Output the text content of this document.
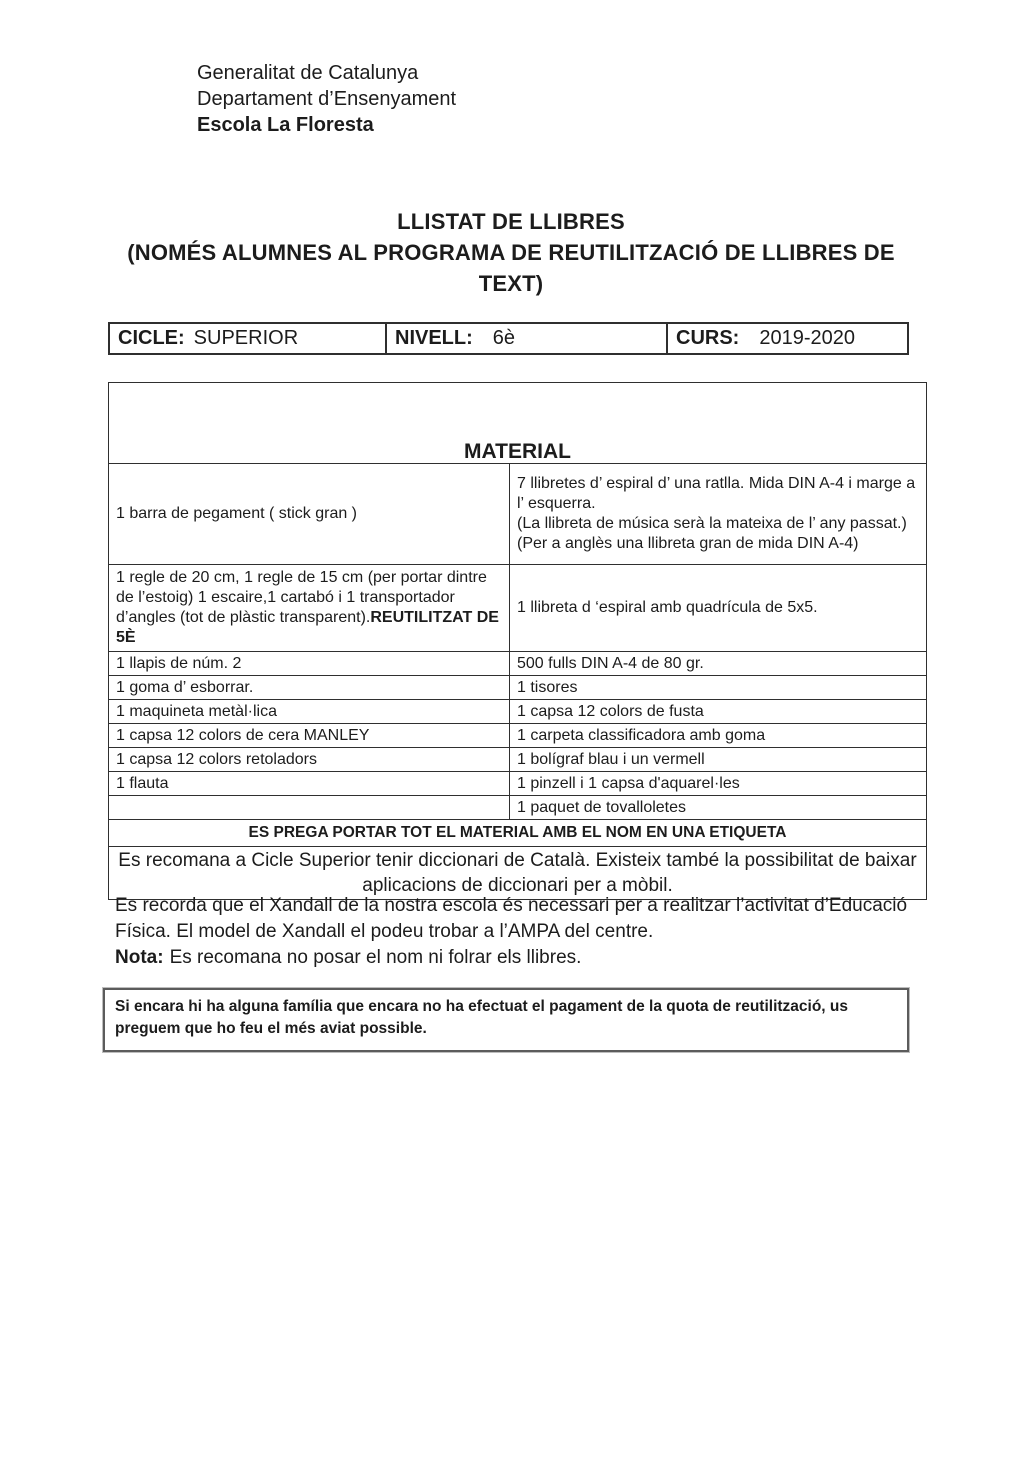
Generalitat de Catalunya
Departament d’Ensenyament
Escola La Floresta
LLISTAT DE LLIBRES
(NOMÉS ALUMNES AL PROGRAMA DE REUTILITZACIÓ DE LLIBRES DE
TEXT)
CICLE: SUPERIOR	NIVELL: 6è	CURS: 2019-2020
MATERIAL	
1 barra de pegament ( stick gran )	7 llibretes d’ espiral d’ una ratlla. Mida DIN A-4 i marge a l’ esquerra.

(La llibreta de música serà la mateixa de l’ any passat.)

(Per a anglès una llibreta gran de mida DIN A-4)

1 regle de 20 cm, 1 regle de 15 cm (per portar dintre de l’estoig) 1 escaire,1 cartabó i 1 transportador d’angles (tot de plàstic transparent).REUTILITZAT DE 5È	1 llibreta d ‘espiral amb quadrícula de 5x5.
1 llapis de núm. 2	500 fulls DIN A-4 de 80 gr.
1 goma d’ esborrar.	1 tisores
1 maquineta metàl·lica	1 capsa 12 colors de fusta
1 capsa 12 colors de cera MANLEY	1 carpeta classificadora amb goma
1 capsa 12 colors retoladors	1 bolígraf blau i un vermell
1 flauta	1 pinzell i 1 capsa d'aquarel·les
	1 paquet de tovalloletes
ES PREGA PORTAR TOT EL MATERIAL AMB EL NOM EN UNA ETIQUETA	
Es recomana a Cicle Superior tenir diccionari de Català. Existeix també la possibilitat de baixar aplicacions de diccionari per a mòbil.	

Es recorda que el Xandall de la nostra escola és necessari per a realitzar l’activitat d’Educació Física. El model de Xandall el podeu trobar a l’AMPA del centre.

Nota: Es recomana no posar el nom ni folrar els llibres.

Si encara hi ha alguna família que encara no ha efectuat el pagament de la quota de reutilització, us preguem que ho feu el més aviat possible.
